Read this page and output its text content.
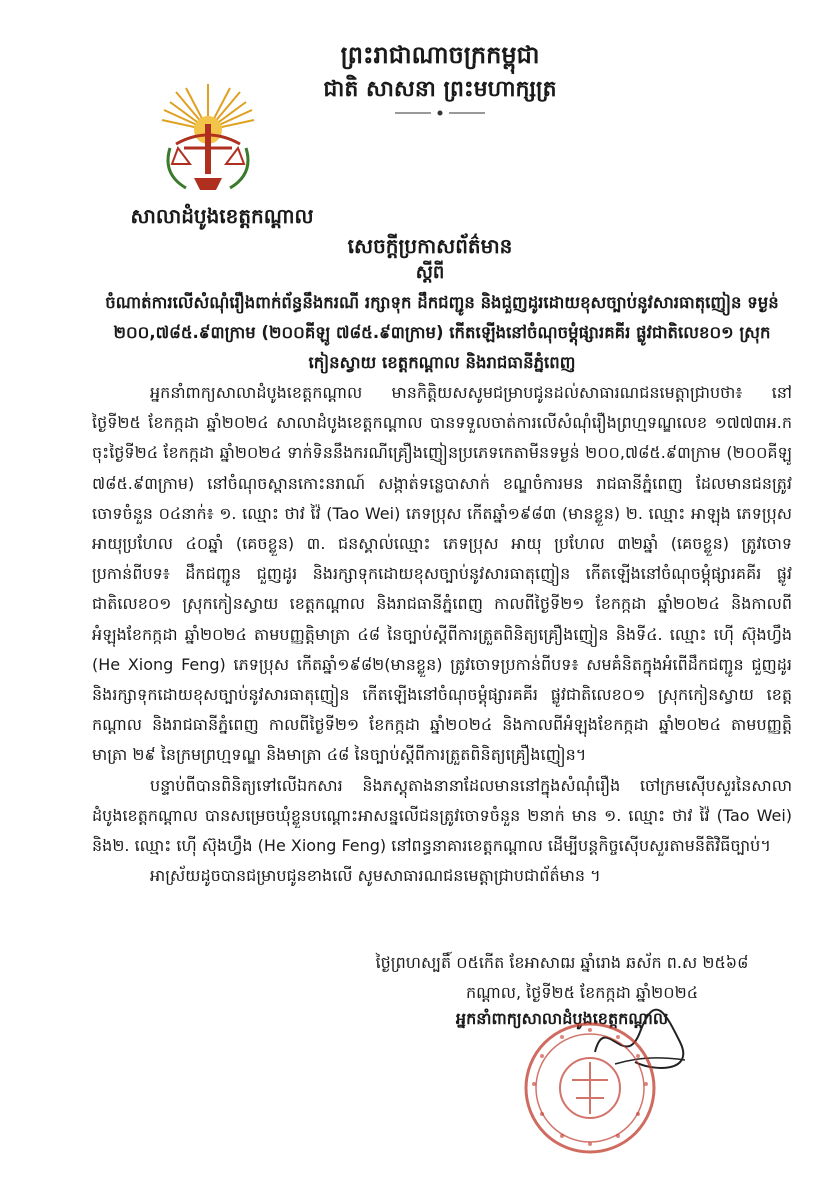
ព្រះរាជាណាចក្រកម្ពុជា
ជាតិ សាសនា ព្រះមហាក្សត្រ
សាលាដំបូងខេត្តកណ្តាល
សេចក្តីប្រកាសព័ត៌មាន
ស្តីពី
ចំណាត់ការលើសំណុំរឿងពាក់ព័ន្ធនឹងករណី រក្សាទុក ដឹកជញ្ជូន និងជួញដូរដោយខុសច្បាប់នូវសារធាតុញៀន ទម្ងន់ ២០០,៧៨៥.៩៣ក្រាម (២០០គីឡូ ៧៨៥.៩៣ក្រាម) កើតឡើងនៅចំណុចម្តុំផ្សារគគីរ ផ្លូវជាតិលេខ០១ ស្រុកកៀនស្វាយ ខេត្តកណ្តាល និងរាជធានីភ្នំពេញ

អ្នកនាំពាក្យសាលាដំបូងខេត្តកណ្តាល មានកិត្តិយសសូមជម្រាបជូនដល់សាធារណជនមេត្តាជ្រាបថា៖ នៅថ្ងៃទី២៥ ខែកក្កដា ឆ្នាំ២០២៤ សាលាដំបូងខេត្តកណ្តាល បានទទួលចាត់ការលើសំណុំរឿងព្រហ្មទណ្ឌលេខ ១៧៧៣អ.ក ចុះថ្ងៃទី២៤ ខែកក្កដា ឆ្នាំ២០២៤ ទាក់ទិននឹងករណីគ្រឿងញៀនប្រភេទកេតាមីនទម្ងន់ ២០០,៧៨៥.៩៣ក្រាម (២០០គីឡូ ៧៨៥.៩៣ក្រាម) នៅចំណុចស្ពានកោះនរាណ៍ សង្កាត់ទន្លេបាសាក់ ខណ្ឌចំការមន រាជធានីភ្នំពេញ ដែលមានជនត្រូវចោទចំនួន ០៤នាក់៖ ១. ឈ្មោះ ថាវ វ៉ៃ (Tao Wei) ភេទប្រុស កើតឆ្នាំ១៩៨៣ (មានខ្លួន) ២. ឈ្មោះ អាឡុង ភេទប្រុស អាយុប្រហែល ៤០ឆ្នាំ (គេចខ្លួន) ៣. ជនស្គាល់ឈ្មោះ ភេទប្រុស អាយុ ប្រហែល ៣២ឆ្នាំ (គេចខ្លួន) ត្រូវចោទប្រកាន់ពីបទ៖ ដឹកជញ្ជូន ជួញដូរ និងរក្សាទុកដោយខុសច្បាប់នូវសារធាតុញៀន កើតឡើងនៅចំណុចម្តុំផ្សារគគីរ ផ្លូវជាតិលេខ០១ ស្រុកកៀនស្វាយ ខេត្តកណ្តាល និងរាជធានីភ្នំពេញ កាលពីថ្ងៃទី២១ ខែកក្កដា ឆ្នាំ២០២៤ និងកាលពីអំឡុងខែកក្កដា ឆ្នាំ២០២៤ តាមបញ្ញត្តិមាត្រា ៤៨ នៃច្បាប់ស្តីពីការត្រួតពិនិត្យគ្រឿងញៀន និងទី៤. ឈ្មោះ ហ៊ើ ស៊ុងហ្វឹង (He Xiong Feng) ភេទប្រុស កើតឆ្នាំ១៩៨២(មានខ្លួន) ត្រូវចោទប្រកាន់ពីបទ៖ សមគំនិតក្នុងអំពើដឹកជញ្ជូន ជួញដូរ និងរក្សាទុកដោយខុសច្បាប់នូវសារធាតុញៀន កើតឡើងនៅចំណុចម្តុំផ្សារគគីរ ផ្លូវជាតិលេខ០១ ស្រុកកៀនស្វាយ ខេត្តកណ្តាល និងរាជធានីភ្នំពេញ កាលពីថ្ងៃទី២១ ខែកក្កដា ឆ្នាំ២០២៤ និងកាលពីអំឡុងខែកក្កដា ឆ្នាំ២០២៤ តាមបញ្ញត្តិមាត្រា ២៩ នៃក្រមព្រហ្មទណ្ឌ និងមាត្រា ៤៨ នៃច្បាប់ស្តីពីការត្រួតពិនិត្យគ្រឿងញៀន។

បន្ទាប់ពីបានពិនិត្យទៅលើឯកសារ និងភស្តុតាងនានាដែលមាននៅក្នុងសំណុំរឿង ចៅក្រមស៊ើបសួរនៃសាលាដំបូងខេត្តកណ្តាល បានសម្រេចឃុំខ្លួនបណ្តោះអាសន្នលើជនត្រូវចោទចំនួន ២នាក់ មាន ១. ឈ្មោះ ថាវ វ៉ៃ (Tao Wei) និង២. ឈ្មោះ ហ៊ើ ស៊ុងហ្វឹង (He Xiong Feng) នៅពន្ធនាគារខេត្តកណ្តាល ដើម្បីបន្តកិច្ចស៊ើបសួរតាមនីតិវិធីច្បាប់។

អាស្រ័យដូចបានជម្រាបជូនខាងលើ សូមសាធារណជនមេត្តាជ្រាបជាព័ត៌មាន ។

ថ្ងៃព្រហស្បតិ៍ ០៥កើត ខែអាសាឍ ឆ្នាំរោង ឆស័ក ព.ស ២៥៦៨
កណ្តាល, ថ្ងៃទី២៥ ខែកក្កដា ឆ្នាំ២០២៤
អ្នកនាំពាក្យសាលាដំបូងខេត្តកណ្តាល
